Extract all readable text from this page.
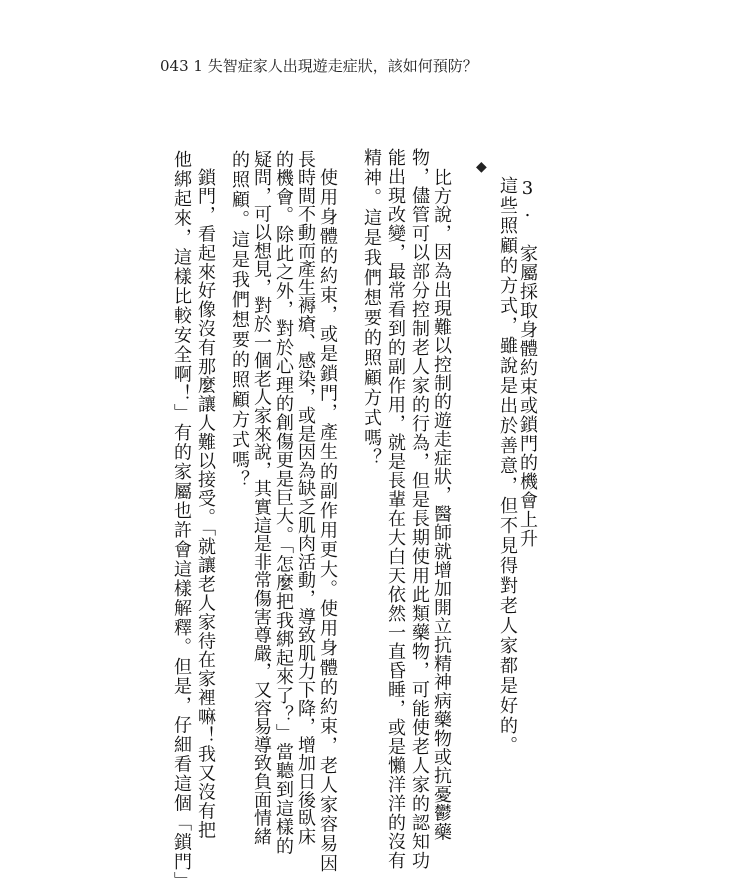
043 1 失智症家人出現遊走症狀，該如何預防？
◆
3. 家屬採取身體約束或鎖門的機會上升
這些照顧的方式，雖說是出於善意，但不見得對老人家都是好的。
比方說，因為出現難以控制的遊走症狀，醫師就增加開立抗精神病藥物或抗憂鬱藥
物，儘管可以部分控制老人家的行為，但是長期使用此類藥物，可能使老人家的認知功
能出現改變，最常看到的副作用，就是長輩在大白天依然一直昏睡，或是懶洋洋的沒有
精神。這是我們想要的照顧方式嗎？
使用身體的約束，或是鎖門，產生的副作用更大。使用身體的約束，老人家容易因
長時間不動而產生褥瘡、感染，或是因為缺乏肌肉活動，導致肌力下降，增加日後臥床
的機會。除此之外，對於心理的創傷更是巨大。「怎麼把我綁起來了？」當聽到這樣的
疑問，可以想見，對於一個老人家來說，其實這是非常傷害尊嚴，又容易導致負面情緒
的照顧。這是我們想要的照顧方式嗎？
鎖門，看起來好像沒有那麼讓人難以接受。「就讓老人家待在家裡嘛！我又沒有把
他綁起來，這樣比較安全啊！」有的家屬也許會這樣解釋。但是，仔細看這個「鎖門」
